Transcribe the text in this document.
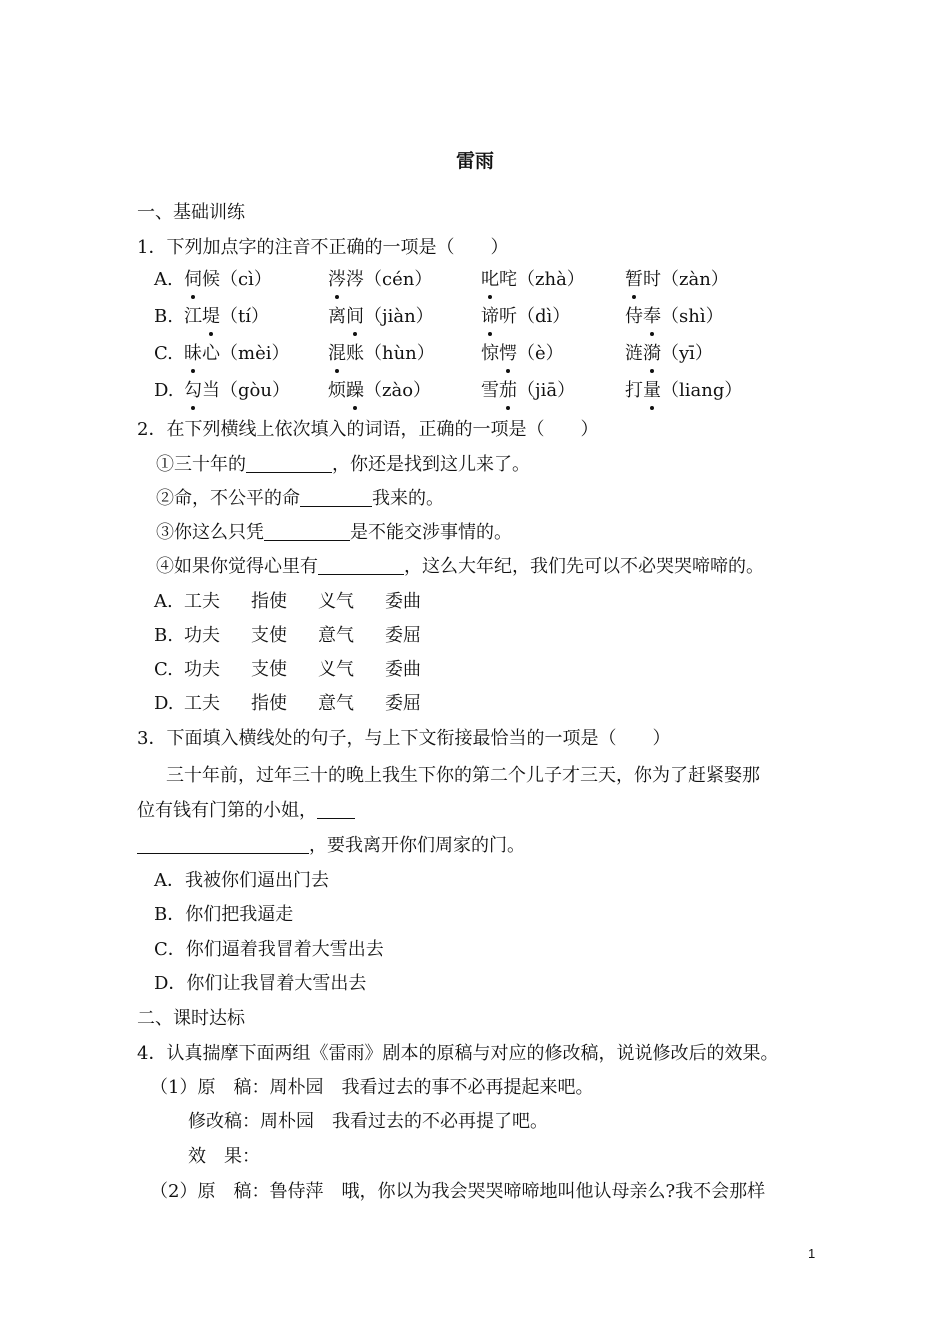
雷雨
一、基础训练
1．下列加点字的注音不正确的一项是（　　）
A. 伺候（cì）	涔涔（cén）	叱咤（zhà） 暂时（zàn）
B. 江堤（tí）	离间（jiàn）	谛听（dì）	侍奉（shì）
C. 昧心（mèi） 混账（hùn）	惊愕（è）	涟漪（yī）
D. 勾当（gòu） 烦躁（zào）	雪茄（jiā）	打量（liang）
2．在下列横线上依次填入的词语，正确的一项是（　　）
①三十年的	，你还是找到这儿来了。
②命，不公平的命	我来的。
③你这么只凭	是不能交涉事情的。
④如果你觉得心里有	，这么大年纪，我们先可以不必哭哭啼啼的。
A. 工夫 指使 义气 委曲
B. 功夫 支使 意气 委屈
C. 功夫 支使 义气 委曲
D. 工夫 指使 意气 委屈
3．下面填入横线处的句子，与上下文衔接最恰当的一项是（　　）
三十年前，过年三十的晚上我生下你的第二个儿子才三天，你为了赶紧娶那
位有钱有门第的小姐，
，要我离开你们周家的门。
A．我被你们逼出门去
B．你们把我逼走
C．你们逼着我冒着大雪出去
D．你们让我冒着大雪出去
二、课时达标
4．认真揣摩下面两组《雷雨》剧本的原稿与对应的修改稿，说说修改后的效果。
（1）原　稿：周朴园　我看过去的事不必再提起来吧。
修改稿：周朴园　我看过去的不必再提了吧。
效　果：
（2）原　稿：鲁侍萍　哦，你以为我会哭哭啼啼地叫他认母亲么?我不会那样
1
